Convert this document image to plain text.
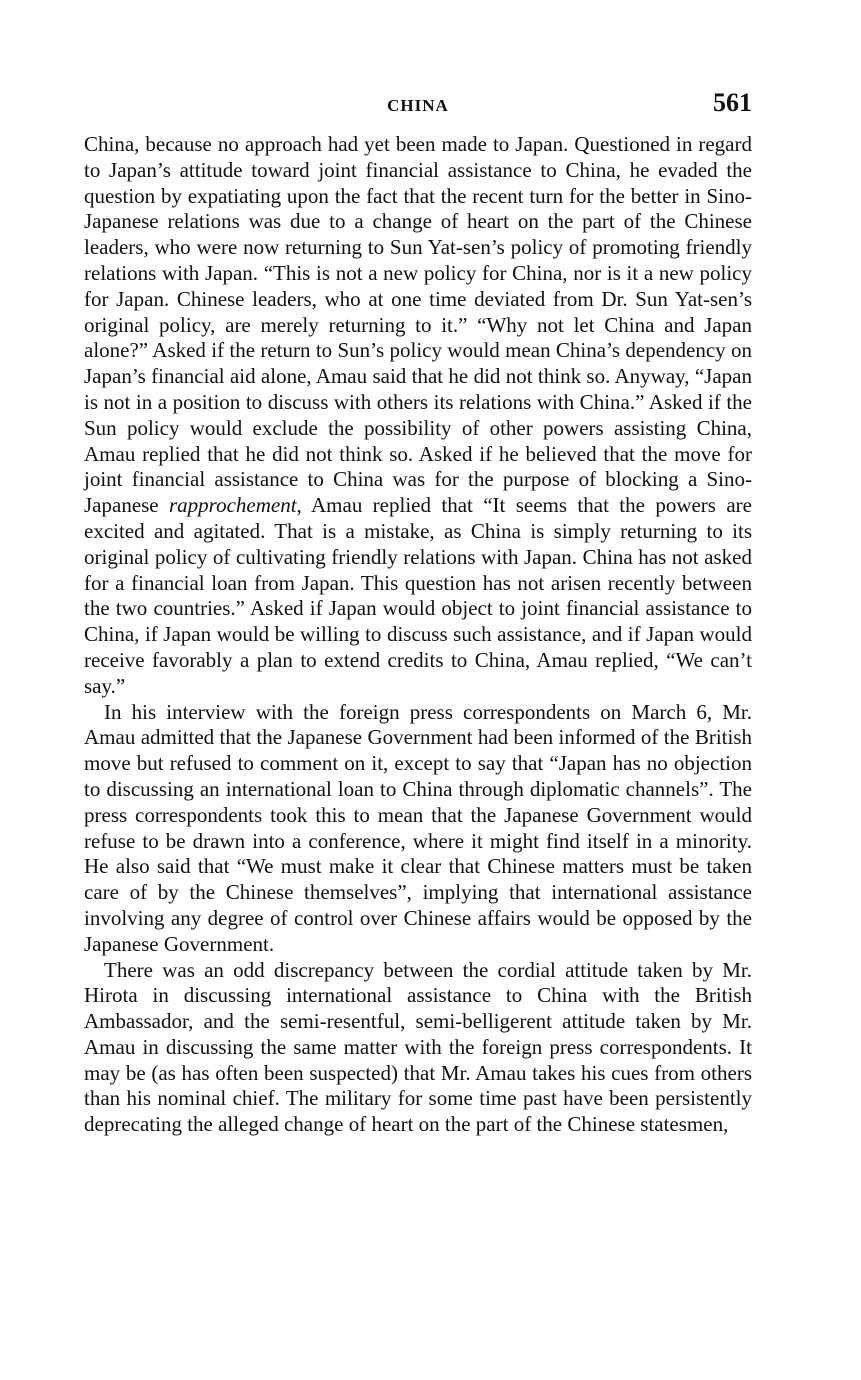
CHINA	561

China, because no approach had yet been made to Japan. Questioned in regard to Japan’s attitude toward joint financial assistance to China, he evaded the question by expatiating upon the fact that the recent turn for the better in Sino-Japanese relations was due to a change of heart on the part of the Chinese leaders, who were now returning to Sun Yat-sen’s policy of promoting friendly relations with Japan. “This is not a new policy for China, nor is it a new policy for Japan. Chinese leaders, who at one time deviated from Dr. Sun Yat-sen’s original policy, are merely returning to it.” “Why not let China and Japan alone?” Asked if the return to Sun’s policy would mean China’s dependency on Japan’s financial aid alone, Amau said that he did not think so. Anyway, “Japan is not in a position to discuss with others its relations with China.” Asked if the Sun policy would exclude the possibility of other powers assisting China, Amau replied that he did not think so. Asked if he believed that the move for joint financial assistance to China was for the purpose of blocking a Sino-Japanese rapprochement, Amau replied that “It seems that the powers are excited and agitated. That is a mistake, as China is simply returning to its original policy of cultivating friendly relations with Japan. China has not asked for a financial loan from Japan. This question has not arisen recently between the two countries.” Asked if Japan would object to joint financial assistance to China, if Japan would be willing to discuss such assistance, and if Japan would receive favorably a plan to extend credits to China, Amau replied, “We can’t say.”

In his interview with the foreign press correspondents on March 6, Mr. Amau admitted that the Japanese Government had been informed of the British move but refused to comment on it, except to say that “Japan has no objection to discussing an international loan to China through diplomatic channels”. The press correspondents took this to mean that the Japanese Government would refuse to be drawn into a conference, where it might find itself in a minority. He also said that “We must make it clear that Chinese matters must be taken care of by the Chinese themselves”, implying that international assistance involving any degree of control over Chinese affairs would be opposed by the Japanese Government.

There was an odd discrepancy between the cordial attitude taken by Mr. Hirota in discussing international assistance to China with the British Ambassador, and the semi-resentful, semi-belligerent attitude taken by Mr. Amau in discussing the same matter with the foreign press correspondents. It may be (as has often been suspected) that Mr. Amau takes his cues from others than his nominal chief. The military for some time past have been persistently deprecating the alleged change of heart on the part of the Chinese statesmen,
